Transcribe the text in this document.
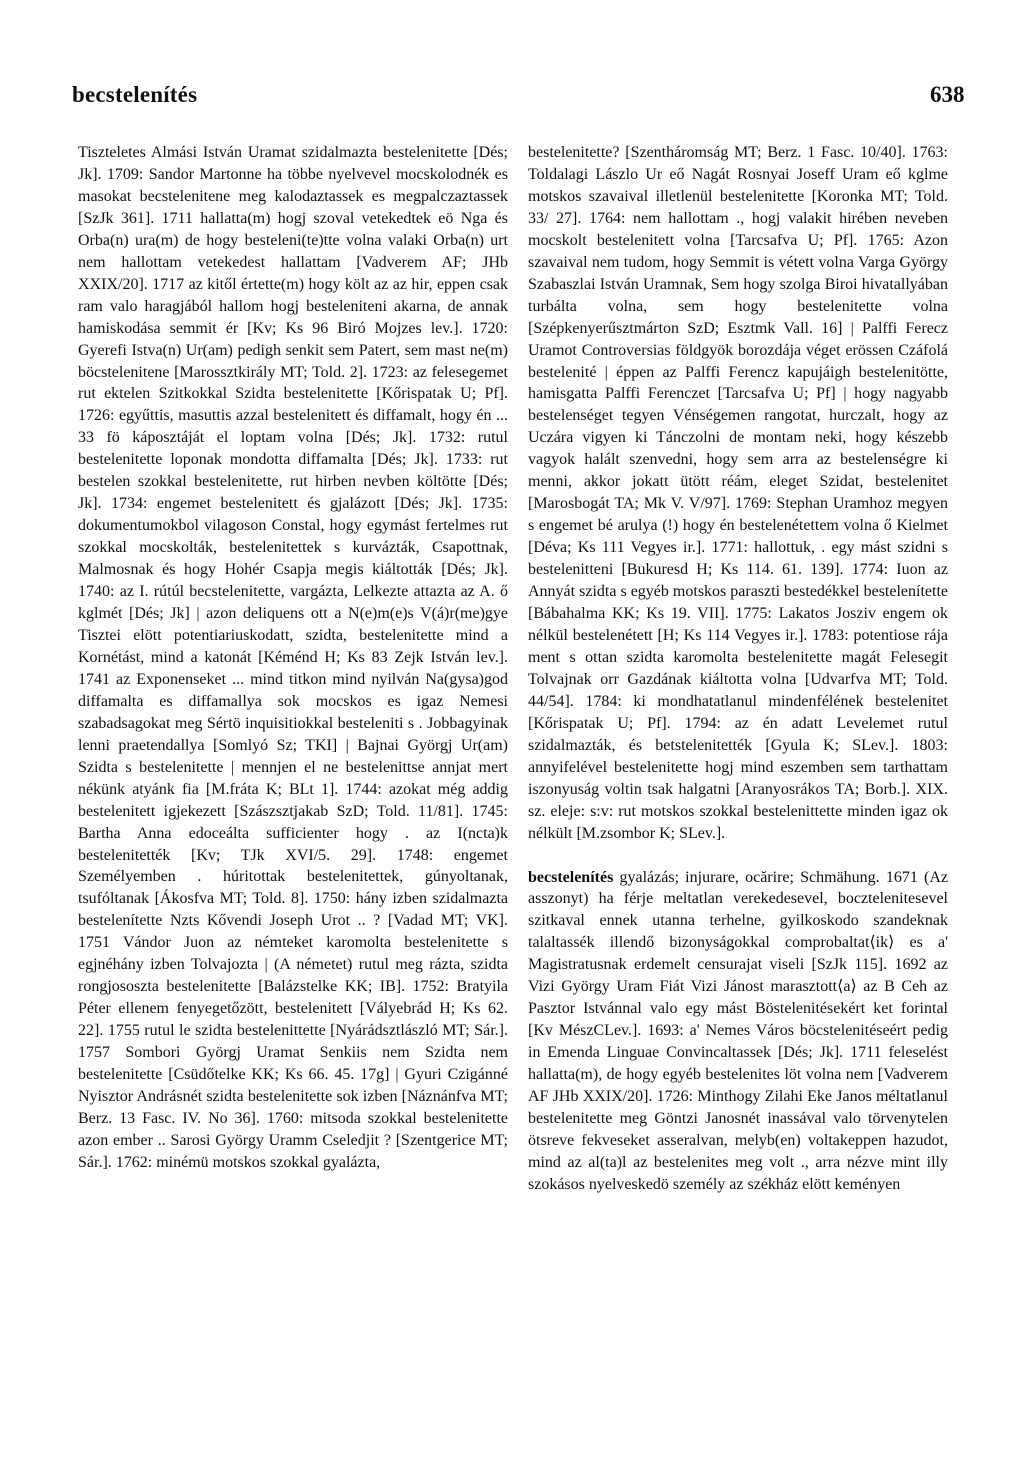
becstelenítés	638

Tiszteletes Almási István Uramat szidalmazta bestelenitette [Dés; Jk]. 1709: Sandor Martonne ha többe nyelvevel mocskolodnék es masokat becstelenitene meg kalodaztassek es megpalczaztassek [SzJk 361]. 1711 hallatta(m) hogj szoval vetekedtek eö Nga és Orba(n) ura(m) de hogy besteleni(te)tte volna valaki Orba(n) urt nem hallottam vetekedest hallattam [Vadverem AF; JHb XXIX/20]. 1717 az kitől értette(m) hogy költ az az hir, eppen csak ram valo haragjából hallom hogj besteleniteni akarna, de annak hamiskodása semmit ér [Kv; Ks 96 Biró Mojzes lev.]. 1720: Gyerefi Istva(n) Ur(am) pedigh senkit sem Patert, sem mast ne(m) böcstelenitene [Marossztkirály MT; Told. 2]. 1723: az felesegemet rut ektelen Szitkokkal Szidta bestelenitette [Kőrispatak U; Pf]. 1726: egyűttis, masuttis azzal bestelenitett és diffamalt, hogy én ... 33 fö káposztáját el loptam volna [Dés; Jk]. 1732: rutul bestelenitette loponak mondotta diffamalta [Dés; Jk]. 1733: rut bestelen szokkal bestelenitette, rut hirben nevben költötte [Dés; Jk]. 1734: engemet bestelenitett és gjalázott [Dés; Jk]. 1735: dokumentumokbol vilagoson Constal, hogy egymást fertelmes rut szokkal mocskolták, bestelenitettek s kurvázták, Csapottnak, Malmosnak és hogy Hohér Csapja megis kiáltották [Dés; Jk]. 1740: az I. rútúl becstelenitette, vargázta, Lelkezte attazta az A. ő kglmét [Dés; Jk] | azon deliquens ott a N(e)m(e)s V(á)r(me)gye Tisztei elött potentiariuskodatt, szidta, bestelenitette mind a Kornétást, mind a katonát [Kéménd H; Ks 83 Zejk István lev.]. 1741 az Exponenseket ... mind titkon mind nyilván Na(gysa)god diffamalta es diffamallya sok mocskos es igaz Nemesi szabadsagokat meg Sértö inquisitiokkal besteleniti s . Jobbagyinak lenni praetendallya [Somlyó Sz; TKI] | Bajnai Györgj Ur(am) Szidta s bestelenitette | mennjen el ne bestelenittse annjat mert nékünk atyánk fia [M.fráta K; BLt 1]. 1744: azokat még addig bestelenitett igjekezett [Szászsztjakab SzD; Told. 11/81]. 1745: Bartha Anna edoceálta sufficienter hogy . az I(ncta)k bestelenitették [Kv; TJk XVI/5. 29]. 1748: engemet Személyemben . húritottak bestelenitettek, gúnyoltanak, tsufóltanak [Ákosfva MT; Told. 8]. 1750: hány izben szidalmazta bestelenítette Nzts Kővendi Joseph Urot .. ? [Vadad MT; VK]. 1751 Vándor Juon az némteket karomolta bestelenitette s egjnéhány izben Tolvajozta | (A németet) rutul meg rázta, szidta rongjososzta bestelenitette [Balázstelke KK; IB]. 1752: Bratyila Péter ellenem fenyegetőzött, bestelenitett [Vályebrád H; Ks 62. 22]. 1755 rutul le szidta bestelenittette [Nyárádsztlászló MT; Sár.]. 1757 Sombori Györgj Uramat Senkiis nem Szidta nem bestelenitette [Csüdőtelke KK; Ks 66. 45. 17g] | Gyuri Czigánné Nyisztor Andrásnét szidta bestelenitette sok izben [Náznánfva MT; Berz. 13 Fasc. IV. No 36]. 1760: mitsoda szokkal bestelenitette azon ember .. Sarosi György Uramm Cseledjit ? [Szentgerice MT; Sár.]. 1762: minémü motskos szokkal gyalázta,

bestelenitette? [Szentháromság MT; Berz. 1 Fasc. 10/40]. 1763: Toldalagi Lászlo Ur eő Nagát Rosnyai Joseff Uram eő kglme motskos szavaival illetlenül bestelenitette [Koronka MT; Told. 33/ 27]. 1764: nem hallottam ., hogj valakit hirében neveben mocskolt bestelenitett volna [Tarcsafva U; Pf]. 1765: Azon szavaival nem tudom, hogy Semmit is vétett volna Varga György Szabaszlai István Uramnak, Sem hogy szolga Biroi hivatallyában turbálta volna, sem hogy bestelenitette volna [Szépkenyerűsztmárton SzD; Esztmk Vall. 16] | Palffi Ferecz Uramot Controversias földgyök borozdája véget erössen Czáfolá bestelenité | éppen az Palffi Ferencz kapujáigh bestelenitötte, hamisgatta Palffi Ferenczet [Tarcsafva U; Pf] | hogy nagyabb bestelenséget tegyen Vénségemen rangotat, hurczalt, hogy az Uczára vigyen ki Tánczolni de montam neki, hogy készebb vagyok halált szenvedni, hogy sem arra az bestelenségre ki menni, akkor jokatt ütött réám, eleget Szidat, bestelenitet [Marosbogát TA; Mk V. V/97]. 1769: Stephan Uramhoz megyen s engemet bé arulya (!) hogy én bestelenétettem volna ő Kielmet [Déva; Ks 111 Vegyes ir.]. 1771: hallottuk, . egy mást szidni s bestelenitteni [Bukuresd H; Ks 114. 61. 139]. 1774: Iuon az Annyát szidta s egyéb motskos paraszti bestedékkel bestelenítette [Bábahalma KK; Ks 19. VII]. 1775: Lakatos Josziv engem ok nélkül bestelenétett [H; Ks 114 Vegyes ir.]. 1783: potentiose rája ment s ottan szidta karomolta bestelenitette magát Felesegit Tolvajnak orr Gazdának kiáltotta volna [Udvarfva MT; Told. 44/54]. 1784: ki mondhatatlanul mindenfélének bestelenitet [Kőrispatak U; Pf]. 1794: az én adatt Levelemet rutul szidalmazták, és betstelenitették [Gyula K; SLev.]. 1803: annyifelével bestelenitette hogj mind eszemben sem tarthattam iszonyuság voltin tsak halgatni [Aranyosrákos TA; Borb.]. XIX. sz. eleje: s:v: rut motskos szokkal bestelenittette minden igaz ok nélkült [M.zsombor K; SLev.].

becstelenítés gyalázás; injurare, ocărire; Schmähung. 1671 (Az asszonyt) ha férje meltatlan verekedesevel, bocztelenitesevel szitkaval ennek utanna terhelne, gyilkoskodo szandeknak talaltassék illendő bizonyságokkal comprobaltat⟨ik⟩ es a' Magistratusnak erdemelt censurajat viseli [SzJk 115]. 1692 az Vizi György Uram Fiát Vizi Jánost marasztott⟨a⟩ az B Ceh az Pasztor Istvánnal valo egy mást Böstelenitésekért ket forintal [Kv MészCLev.]. 1693: a' Nemes Város böcstelenitéseért pedig in Emenda Linguae Convincaltassek [Dés; Jk]. 1711 feleselést hallatta(m), de hogy egyéb bestelenites löt volna nem [Vadverem AF JHb XXIX/20]. 1726: Minthogy Zilahi Eke Janos méltatlanul bestelenitette meg Göntzi Janosnét inassával valo törvenytelen ötsreve fekveseket asseralvan, melyb(en) voltakeppen hazudot, mind az al(ta)l az bestelenites meg volt ., arra nézve mint illy szokásos nyelveskedö személy az székház elött keményen
